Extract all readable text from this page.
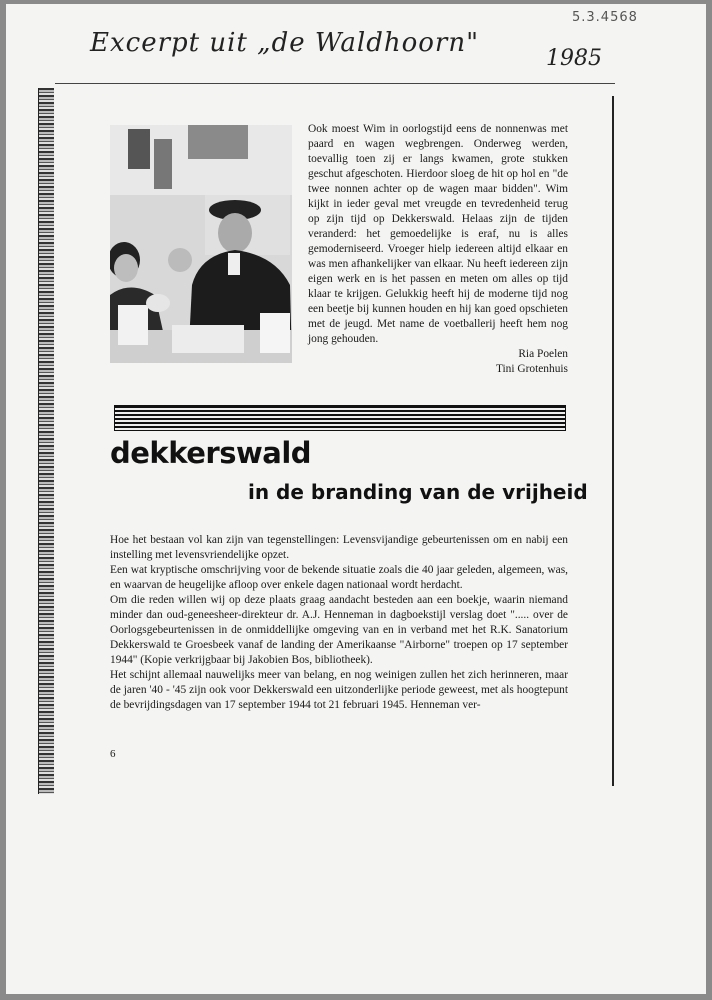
5.3.4568
Excerpt uit „de Waldhoorn"
1985

Ook moest Wim in oorlogstijd eens de nonnenwas met paard en wagen wegbrengen. Onderweg werden, toevallig toen zij er langs kwamen, grote stukken geschut afgeschoten. Hierdoor sloeg de hit op hol en "de twee nonnen achter op de wagen maar bidden". Wim kijkt in ieder geval met vreugde en tevredenheid terug op zijn tijd op Dekkerswald. Helaas zijn de tijden veranderd: het gemoedelijke is eraf, nu is alles gemoderniseerd. Vroeger hielp iedereen altijd elkaar en was men afhankelijker van elkaar. Nu heeft iedereen zijn eigen werk en is het passen en meten om alles op tijd klaar te krijgen. Gelukkig heeft hij de moderne tijd nog een beetje bij kunnen houden en hij kan goed opschieten met de jeugd. Met name de voetballerij heeft hem nog jong gehouden.

Ria Poelen
Tini Grotenhuis
dekkerswald
in de branding van de vrijheid

Hoe het bestaan vol kan zijn van tegenstellingen: Levensvijandige gebeurtenissen om en nabij een instelling met levensvriendelijke opzet.

Een wat kryptische omschrijving voor de bekende situatie zoals die 40 jaar geleden, algemeen, was, en waarvan de heugelijke afloop over enkele dagen nationaal wordt herdacht.

Om die reden willen wij op deze plaats graag aandacht besteden aan een boekje, waarin niemand minder dan oud-geneesheer-direkteur dr. A.J. Henneman in dagboekstijl verslag doet "..... over de Oorlogsgebeurtenissen in de onmiddellijke omgeving van en in verband met het R.K. Sanatorium Dekkerswald te Groesbeek vanaf de landing der Amerikaanse "Airborne" troepen op 17 september 1944" (Kopie verkrijgbaar bij Jakobien Bos, bibliotheek).

Het schijnt allemaal nauwelijks meer van belang, en nog weinigen zullen het zich herinneren, maar de jaren '40 - '45 zijn ook voor Dekkerswald een uitzonderlijke periode geweest, met als hoogtepunt de bevrijdingsdagen van 17 september 1944 tot 21 februari 1945. Henneman ver-

6
